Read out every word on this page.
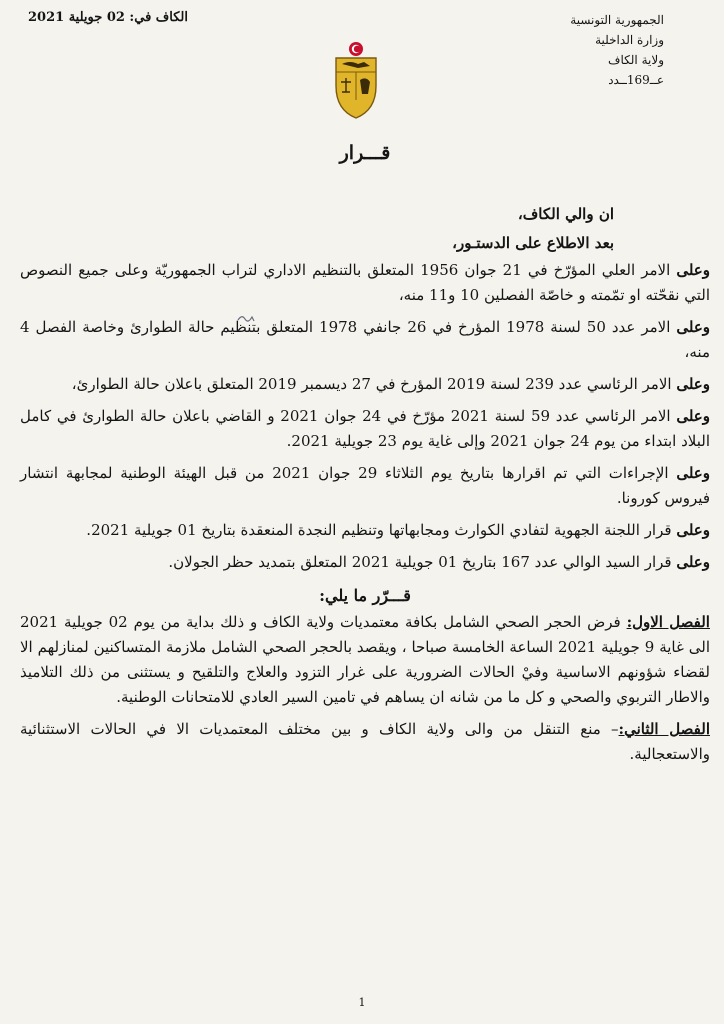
الجمهورية التونسية
وزارة الداخلية
ولاية الكاف
عــ169ــدد
الكاف في: 02 جويلية 2021
قـــرار
ان والي الكاف،
بعد الاطلاع على الدستـور،
وعلى الامر العلي المؤرّخ في 21 جوان 1956 المتعلق بالتنظيم الاداري لتراب الجمهوريّة وعلى جميع النصوص التي نقحّته او تمّمته و خاصّة الفصلين 10 و11 منه،
وعلى الامر عدد 50 لسنة 1978 المؤرخ في 26 جانفي 1978 المتعلق بتنظيم حالة الطوارئ وخاصة الفصل 4 منه،
وعلى الامر الرئاسي عدد 239 لسنة 2019 المؤرخ في 27 ديسمبر 2019 المتعلق باعلان حالة الطوارئ،
وعلى الامر الرئاسي عدد 59 لسنة 2021 مؤرّخ في 24 جوان 2021 و القاضي باعلان حالة الطوارئ في كامل البلاد ابتداء من يوم 24 جوان 2021 وإلى غاية يوم 23 جويلية 2021.
وعلى الإجراءات التي تم اقرارها بتاريخ يوم الثلاثاء 29 جوان 2021 من قبل الهيئة الوطنية لمجابهة انتشار فيروس كورونا.
وعلى قرار اللجنة الجهوية لتفادي الكوارث ومجابهاتها وتنظيم النجدة المنعقدة بتاريخ 01 جويلية 2021.
وعلى قرار السيد الوالي عدد 167 بتاريخ 01 جويلية 2021 المتعلق بتمديد حظر الجولان.
قـــرّر ما يلي:
الفصل الاول: فرض الحجر الصحي الشامل بكافة معتمديات ولاية الكاف و ذلك بداية من يوم 02 جويلية 2021 الى غاية 9 جويلية 2021 الساعة الخامسة صباحا ، ويقصد بالحجر الصحي الشامل ملازمة المتساكنين لمنازلهم الا لقضاء شؤونهم الاساسية وفيْ الحالات الضرورية على غرار التزود والعلاج والتلقيح و يستثنى من ذلك التلاميذ والاطار التربوي والصحي و كل ما من شانه ان يساهم في تامين السير العادي للامتحانات الوطنية.
الفصل الثاني:– منع التنقل من والى ولاية الكاف و بين مختلف المعتمديات الا في الحالات الاستثنائية والاستعجالية.
1
